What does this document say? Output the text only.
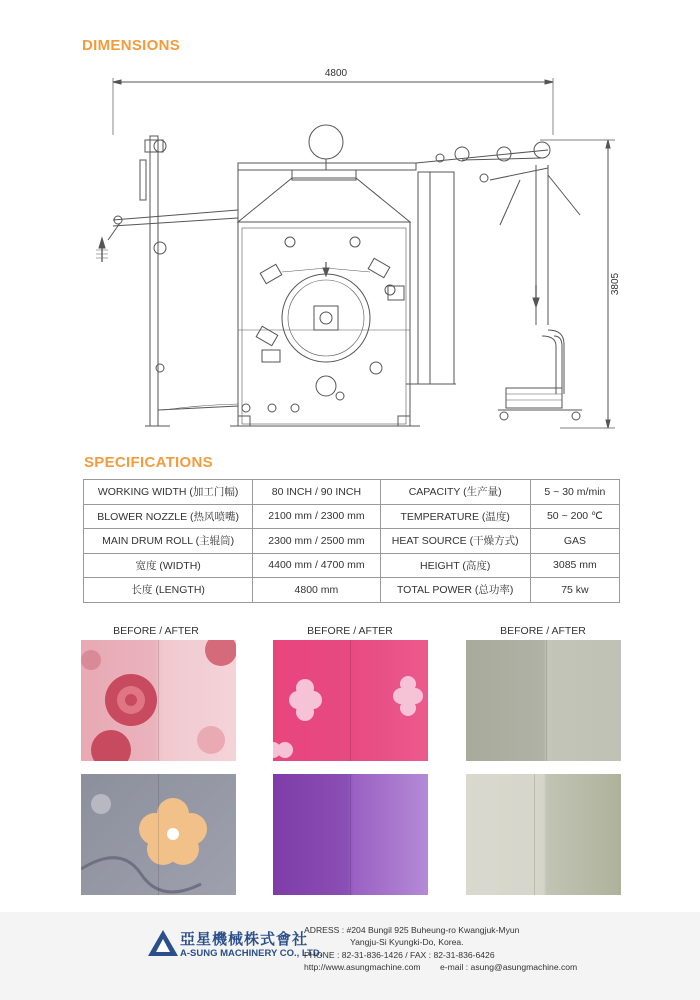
DIMENSIONS
4800
3805
SPECIFICATIONS
WORKING WIDTH (加工门幅)	80 INCH / 90 INCH	CAPACITY (生产量)	5 ~ 30 m/min
BLOWER NOZZLE (热风喷嘴)	2100 mm / 2300 mm	TEMPERATURE (温度)	50 ~ 200 ℃
MAIN DRUM ROLL (主辊筒)	2300 mm / 2500 mm	HEAT SOURCE (干燥方式)	GAS
宽度 (WIDTH)	4400 mm / 4700 mm	HEIGHT (高度)	3085 mm
长度 (LENGTH)	4800 mm	TOTAL POWER (总功率)	75 kw
BEFORE / AFTER	BEFORE / AFTER	BEFORE / AFTER
亞星機械株式會社
A-SUNG MACHINERY CO., LTD.
ADRESS : #204 Bungil 925 Buheung-ro Kwangjuk-Myun
Yangju-Si Kyungki-Do, Korea.
PHONE : 82-31-836-1426 / FAX : 82-31-836-6426
http://www.asungmachine.com e-mail : asung@asungmachine.com
